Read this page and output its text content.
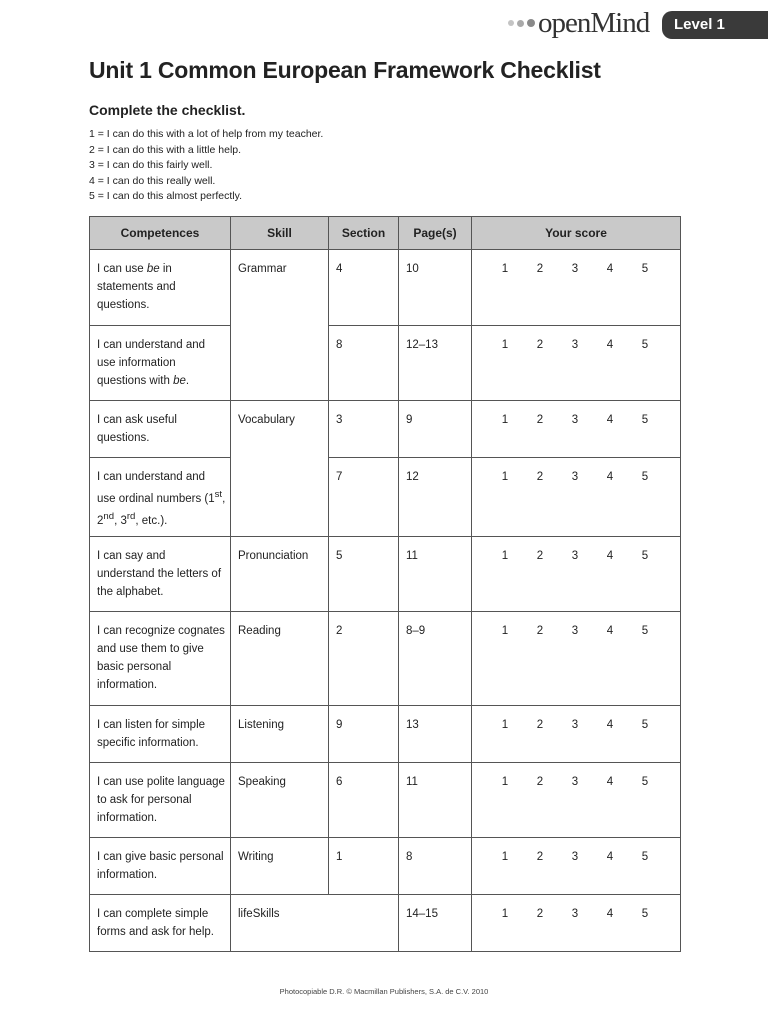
openMind	Level 1
Unit 1 Common European Framework Checklist
Complete the checklist.
1 = I can do this with a lot of help from my teacher.
2 = I can do this with a little help.
3 = I can do this fairly well.
4 = I can do this really well.
5 = I can do this almost perfectly.
Competences	Skill	Section	Page(s)	Your score
I can use be in statements and questions.	Grammar	4	10	1 2 3 4 5

I can understand and use information questions with be.		8	12–13	1 2 3 4 5

I can ask useful questions.	Vocabulary	3	9	1 2 3 4 5

I can understand and use ordinal numbers (1st, 2nd, 3rd, etc.).		7	12	1 2 3 4 5

I can say and understand the letters of the alphabet.	Pronunciation	5	11	1 2 3 4 5

I can recognize cognates and use them to give basic personal information.	Reading	2	8–9	1 2 3 4 5

I can listen for simple specific information.	Listening	9	13	1 2 3 4 5

I can use polite language to ask for personal information.	Speaking	6	11	1 2 3 4 5

I can give basic personal information.	Writing	1	8	1 2 3 4 5

I can complete simple forms and ask for help.	lifeSkills		14–15	1 2 3 4 5
Photocopiable D.R. © Macmillan Publishers, S.A. de C.V. 2010
